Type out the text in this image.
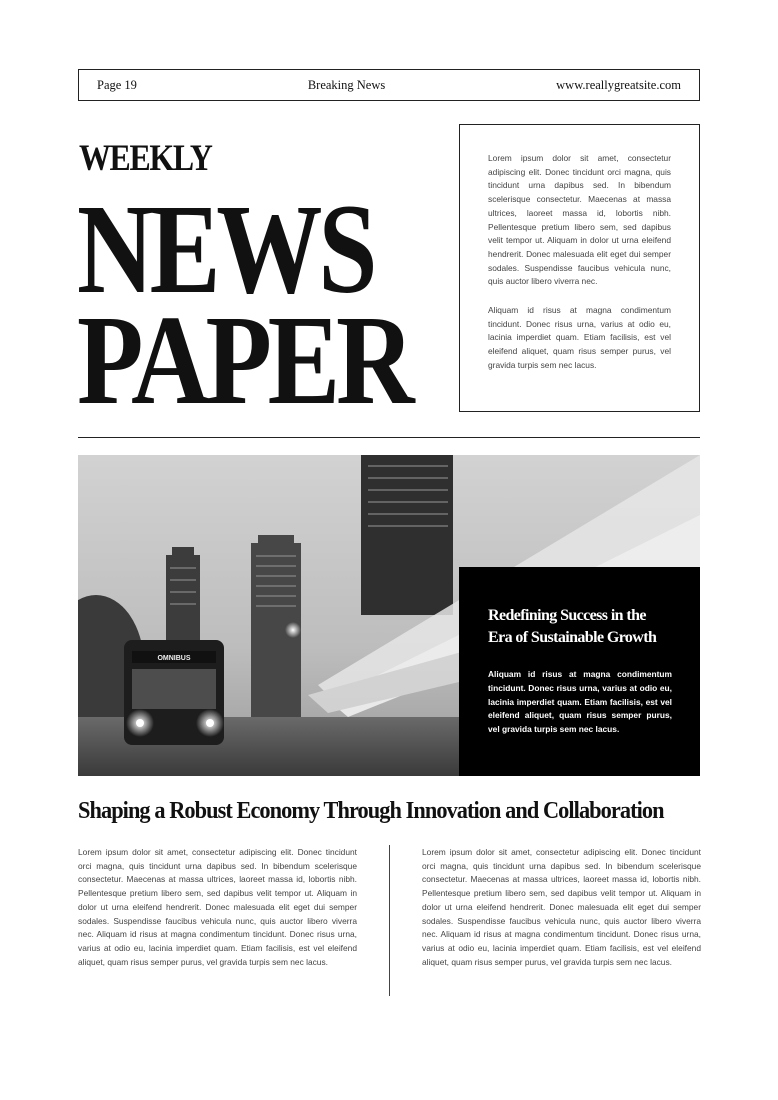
Page 19	Breaking News	www.reallygreatsite.com
WEEKLY
NEWS
PAPER

Lorem ipsum dolor sit amet, consectetur adipiscing elit. Donec tincidunt orci magna, quis tincidunt urna dapibus sed. In bibendum scelerisque consectetur. Maecenas at massa ultrices, laoreet massa id, lobortis nibh. Pellentesque pretium libero sem, sed dapibus velit tempor ut. Aliquam in dolor ut urna eleifend hendrerit. Donec malesuada elit eget dui semper sodales. Suspendisse faucibus vehicula nunc, quis auctor libero viverra nec.

Aliquam id risus at magna condimentum tincidunt. Donec risus urna, varius at odio eu, lacinia imperdiet quam. Etiam facilisis, est vel eleifend aliquet, quam risus semper purus, vel gravida turpis sem nec lacus.

OMNIBUS
Redefining Success in the Era of Sustainable Growth

Aliquam id risus at magna condimentum tincidunt. Donec risus urna, varius at odio eu, lacinia imperdiet quam. Etiam facilisis, est vel eleifend aliquet, quam risus semper purus, vel gravida turpis sem nec lacus.

Shaping a Robust Economy Through Innovation and Collaboration
Lorem ipsum dolor sit amet, consectetur adipiscing elit. Donec tincidunt orci magna, quis tincidunt urna dapibus sed. In bibendum scelerisque consectetur. Maecenas at massa ultrices, laoreet massa id, lobortis nibh. Pellentesque pretium libero sem, sed dapibus velit tempor ut. Aliquam in dolor ut urna eleifend hendrerit. Donec malesuada elit eget dui semper sodales. Suspendisse faucibus vehicula nunc, quis auctor libero viverra nec. Aliquam id risus at magna condimentum tincidunt. Donec risus urna, varius at odio eu, lacinia imperdiet quam. Etiam facilisis, est vel eleifend aliquet, quam risus semper purus, vel gravida turpis sem nec lacus.
Lorem ipsum dolor sit amet, consectetur adipiscing elit. Donec tincidunt orci magna, quis tincidunt urna dapibus sed. In bibendum scelerisque consectetur. Maecenas at massa ultrices, laoreet massa id, lobortis nibh. Pellentesque pretium libero sem, sed dapibus velit tempor ut. Aliquam in dolor ut urna eleifend hendrerit. Donec malesuada elit eget dui semper sodales. Suspendisse faucibus vehicula nunc, quis auctor libero viverra nec. Aliquam id risus at magna condimentum tincidunt. Donec risus urna, varius at odio eu, lacinia imperdiet quam. Etiam facilisis, est vel eleifend aliquet, quam risus semper purus, vel gravida turpis sem nec lacus.
